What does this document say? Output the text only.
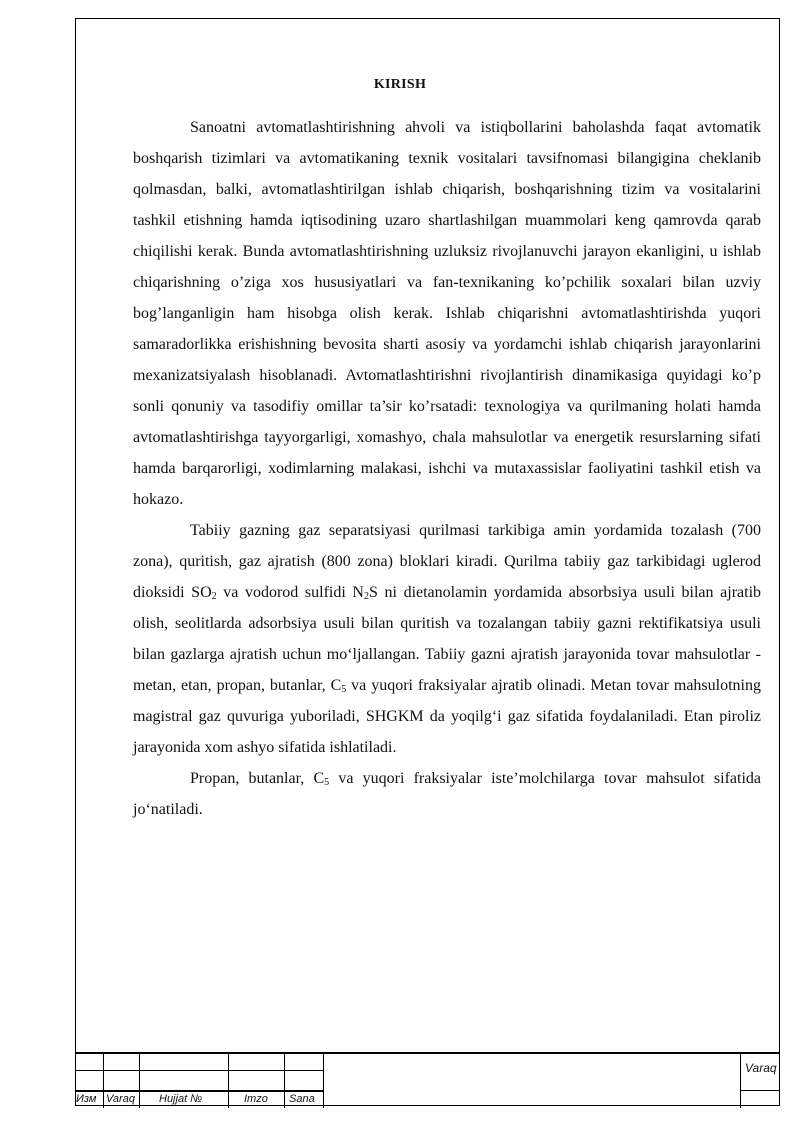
KIRISH

Sanoatni avtomatlashtirishning ahvoli va istiqbollarini baholashda faqat avtomatik boshqarish tizimlari va avtomatikaning texnik vositalari tavsifnomasi bilangigina cheklanib qolmasdan, balki, avtomatlashtirilgan ishlab chiqarish, boshqarishning tizim va vositalarini tashkil etishning hamda iqtisodining uzaro shartlashilgan muammolari keng qamrovda qarab chiqilishi kerak. Bunda avtomatlashtirishning uzluksiz rivojlanuvchi jarayon ekanligini, u ishlab chiqarishning o’ziga xos hususiyatlari va fan-texnikaning ko’pchilik soxalari bilan uzviy bog’langanligin ham hisobga olish kerak. Ishlab chiqarishni avtomatlashtirishda yuqori samaradorlikka erishishning bevosita sharti asosiy va yordamchi ishlab chiqarish jarayonlarini mexanizatsiyalash hisoblanadi. Avtomatlashtirishni rivojlantirish dinamikasiga quyidagi ko’p sonli qonuniy va tasodifiy omillar ta’sir ko’rsatadi: texnologiya va qurilmaning holati hamda avtomatlashtirishga tayyorgarligi, xomashyo, chala mahsulotlar va energetik resurslarning sifati hamda barqarorligi, xodimlarning malakasi, ishchi va mutaxassislar faoliyatini tashkil etish va hokazo.

Tabiiy gazning gaz separatsiyasi qurilmasi tarkibiga amin yordamida tozalash (700 zona), quritish, gaz ajratish (800 zona) bloklari kiradi. Qurilma tabiiy gaz tarkibidagi uglerod dioksidi $SO_2$ va vodorod sulfidi $N_2S$ ni dietanolamin yordamida absorbsiya usuli bilan ajratib olish, seolitlarda adsorbsiya usuli bilan quritish va tozalangan tabiiy gazni rektifikatsiya usuli bilan gazlarga ajratish uchun mo‘ljallangan. Tabiiy gazni ajratish jarayonida tovar mahsulotlar - metan, etan, propan, butanlar, $C_5$ va yuqori fraksiyalar ajratib olinadi. Metan tovar mahsulotning magistral gaz quvuriga yuboriladi, SHGKM da yoqilg‘i gaz sifatida foydalaniladi. Etan piroliz jarayonida xom ashyo sifatida ishlatiladi.

Propan, butanlar, $C_5$ va yuqori fraksiyalar iste’molchilarga tovar mahsulot sifatida jo‘natiladi.

Изм Varaq Hujjat №	Imzo Sana
Varaq
